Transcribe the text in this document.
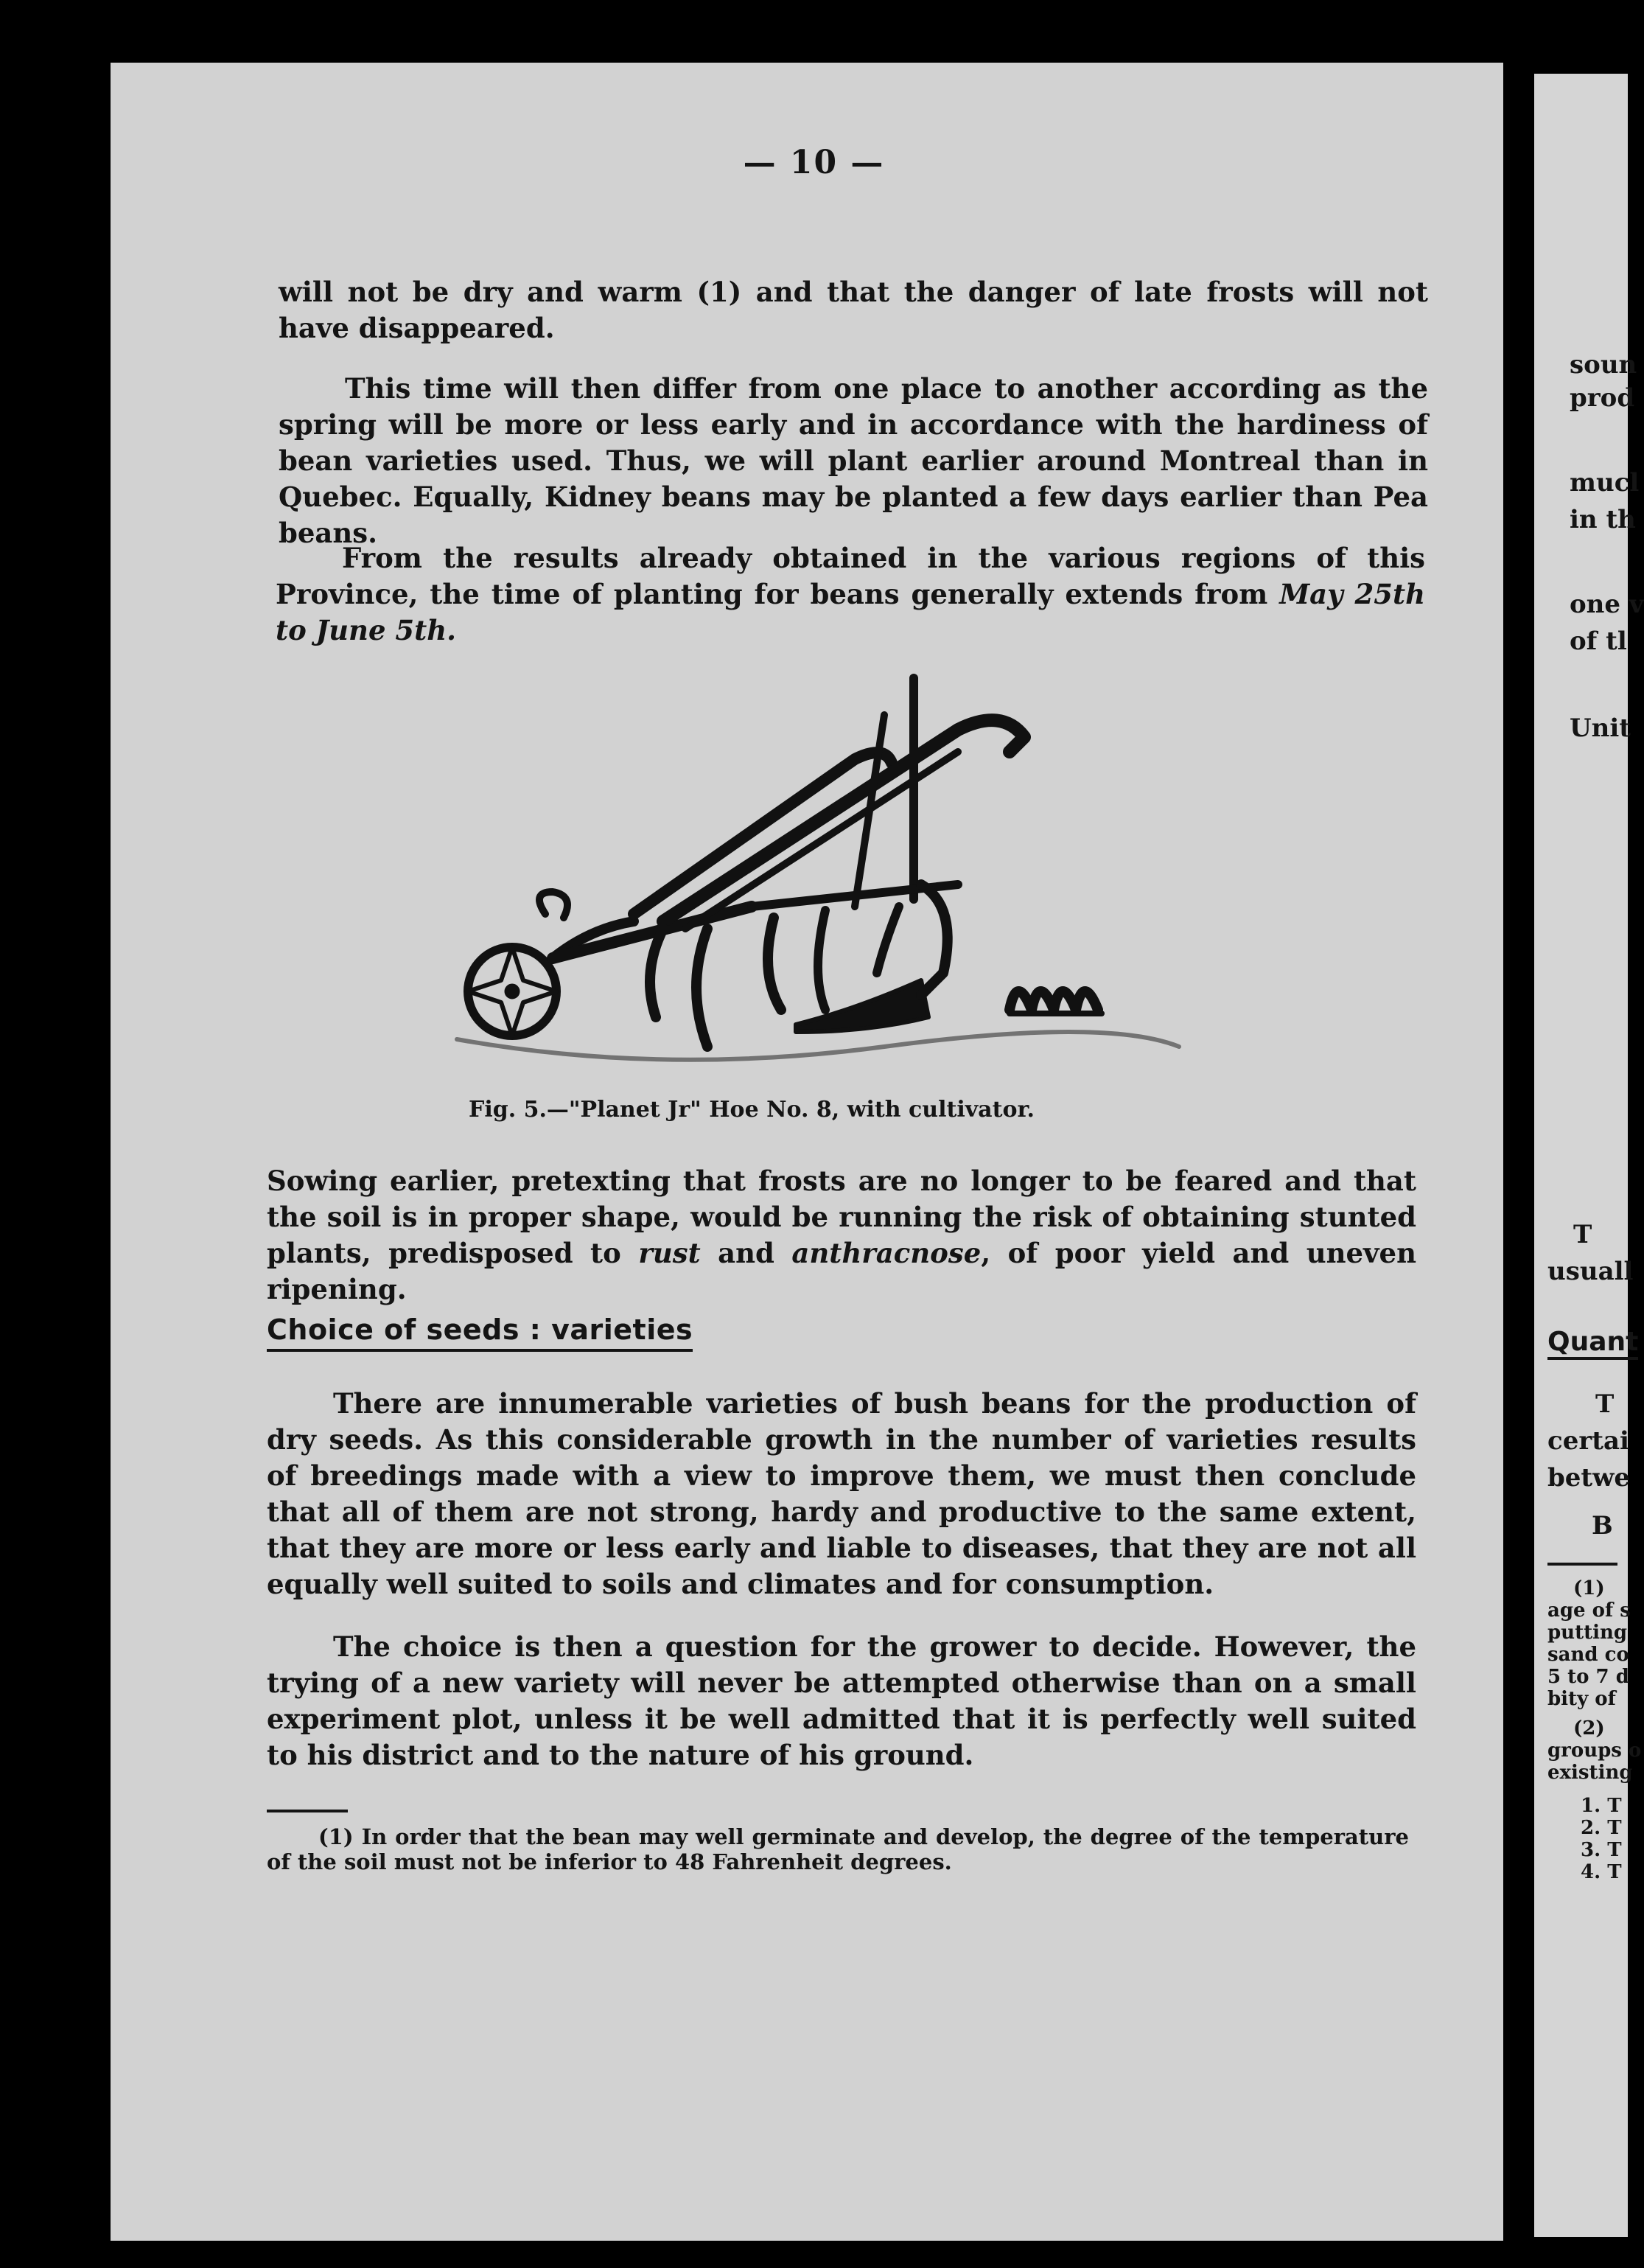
— 10 —

will not be dry and warm (1) and that the danger of late frosts will not have disappeared.

This time will then differ from one place to another according as the spring will be more or less early and in accordance with the hardiness of bean varieties used. Thus, we will plant earlier around Montreal than in Quebec. Equally, Kidney beans may be planted a few days earlier than Pea beans.

From the results already obtained in the various regions of this Province, the time of planting for beans generally extends from May 25th to June 5th.

Fig. 5.—"Planet Jr" Hoe No. 8, with cultivator.

Sowing earlier, pretexting that frosts are no longer to be feared and that the soil is in proper shape, would be running the risk of obtaining stunted plants, predisposed to rust and anthracnose, of poor yield and uneven ripening.

Choice of seeds : varieties

There are innumerable varieties of bush beans for the production of dry seeds. As this considerable growth in the number of varieties results of breedings made with a view to improve them, we must then conclude that all of them are not strong, hardy and productive to the same extent, that they are more or less early and liable to diseases, that they are not all equally well suited to soils and climates and for consumption.

The choice is then a question for the grower to decide. However, the trying of a new variety will never be attempted otherwise than on a small experiment plot, unless it be well admitted that it is perfectly well suited to his district and to the nature of his ground.

(1) In order that the bean may well germinate and develop, the degree of the temperature of the soil must not be inferior to 48 Fahrenheit degrees.

soun

prod

mucl

in th

one v

of tl

Unit

T

usuall

Quant

T

certai

betwe

B

(1)

age of s

putting

sand co

5 to 7 d

bity of

(2)

groups o

existing

1. T

2. T

3. T

4. T
